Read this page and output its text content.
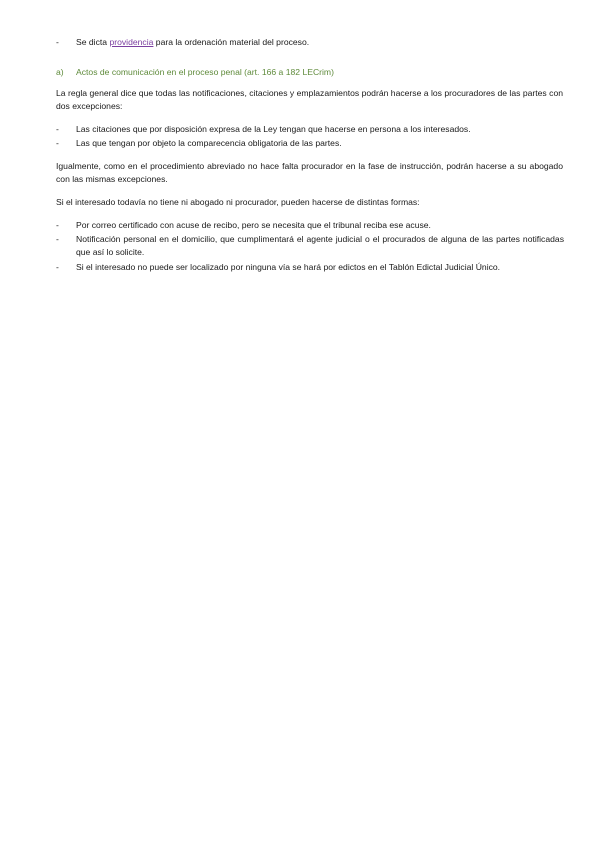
-	Se dicta providencia para la ordenación material del proceso.
a)	Actos de comunicación en el proceso penal (art. 166 a 182 LECrim)
La regla general dice que todas las notificaciones, citaciones y emplazamientos podrán hacerse a los procuradores de las partes con dos excepciones:
-	Las citaciones que por disposición expresa de la Ley tengan que hacerse en persona a los interesados.
-	Las que tengan por objeto la comparecencia obligatoria de las partes.
Igualmente, como en el procedimiento abreviado no hace falta procurador en la fase de instrucción, podrán hacerse a su abogado con las mismas excepciones.
Si el interesado todavía no tiene ni abogado ni procurador, pueden hacerse de distintas formas:
-	Por correo certificado con acuse de recibo, pero se necesita que el tribunal reciba ese acuse.
-	Notificación personal en el domicilio, que cumplimentará el agente judicial o el procurados de alguna de las partes notificadas que así lo solicite.
-	Si el interesado no puede ser localizado por ninguna vía se hará por edictos en el Tablón Edictal Judicial Único.
